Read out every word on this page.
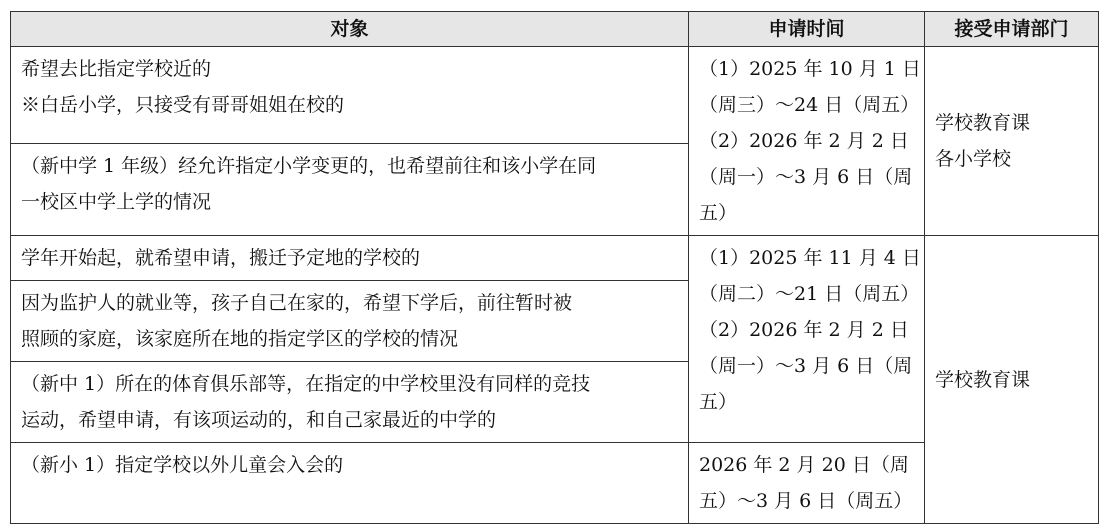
对象	申请时间	接受申请部门

希望去比指定学校近的
※白岳小学，只接受有哥哥姐姐在校的	（1）2025 年 10 月 1 日
（周三）～24 日（周五）
（2）2026 年 2 月 2 日
（周一）～3 月 6 日（周
五）	学校教育课
各小学校

（新中学 1 年级）经允许指定小学变更的，也希望前往和该小学在同
一校区中学上学的情况		

学年开始起，就希望申请，搬迁予定地的学校的	（1）2025 年 11 月 4 日
（周二）～21 日（周五）
（2）2026 年 2 月 2 日
（周一）～3 月 6 日（周
五）	学校教育课

因为监护人的就业等，孩子自己在家的，希望下学后，前往暂时被
照顾的家庭，该家庭所在地的指定学区的学校的情况		

（新中 1）所在的体育俱乐部等，在指定的中学校里没有同样的竞技
运动，希望申请，有该项运动的，和自己家最近的中学的		

（新小 1）指定学校以外儿童会入会的	2026 年 2 月 20 日（周
五）～3 月 6 日（周五）	
